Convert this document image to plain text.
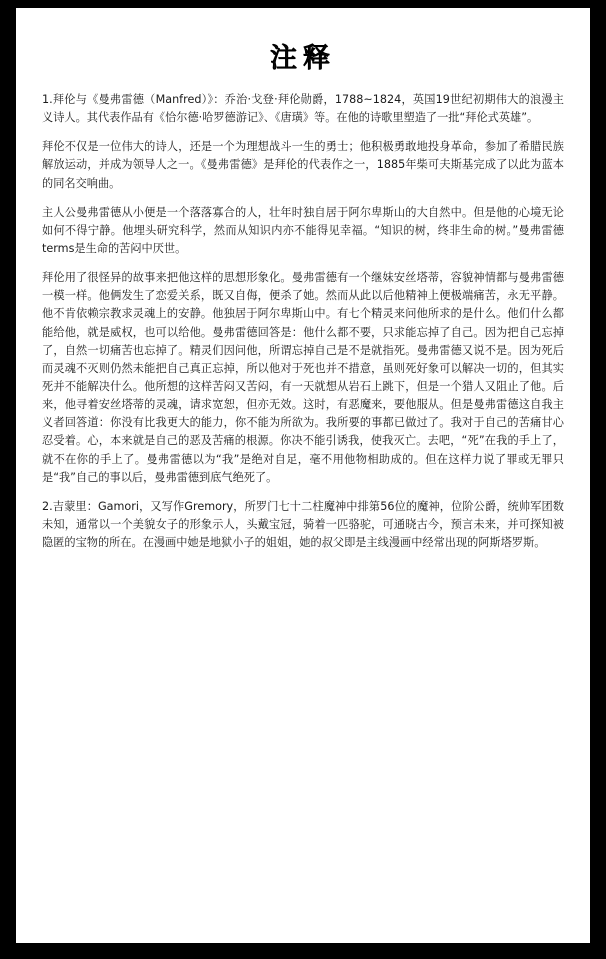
注释

1.拜伦与《曼弗雷德（Manfred）》：乔治·戈登·拜伦勋爵，1788~1824，英国19世纪初期伟大的浪漫主义诗人。其代表作品有《恰尔德·哈罗德游记》、《唐璜》等。在他的诗歌里塑造了一批“拜伦式英雄”。

拜伦不仅是一位伟大的诗人，还是一个为理想战斗一生的勇士；他积极勇敢地投身革命，参加了希腊民族解放运动，并成为领导人之一。《曼弗雷德》是拜伦的代表作之一，1885年柴可夫斯基完成了以此为蓝本的同名交响曲。

主人公曼弗雷德从小便是一个落落寡合的人，壮年时独自居于阿尔卑斯山的大自然中。但是他的心境无论如何不得宁静。他埋头研究科学，然而从知识内亦不能得见幸福。“知识的树，终非生命的树。”曼弗雷德terms是生命的苦闷中厌世。

拜伦用了很怪异的故事来把他这样的思想形象化。曼弗雷德有一个继妹安丝塔蒂，容貌神情都与曼弗雷德一模一样。他俩发生了恋爱关系，既又自侮，便杀了她。然而从此以后他精神上便极端痛苦，永无平静。他不肯依赖宗教求灵魂上的安静。他独居于阿尔卑斯山中。有七个精灵来问他所求的是什么。他们什么都能给他，就是威权，也可以给他。曼弗雷德回答是：他什么都不要，只求能忘掉了自己。因为把自己忘掉了，自然一切痛苦也忘掉了。精灵们因问他，所谓忘掉自己是不是就指死。曼弗雷德又说不是。因为死后而灵魂不灭则仍然未能把自己真正忘掉，所以他对于死也并不措意，虽则死好象可以解决一切的，但其实死并不能解决什么。他所想的这样苦闷又苦闷，有一天就想从岩石上跳下，但是一个猎人又阻止了他。后来，他寻着安丝塔蒂的灵魂，请求宽恕，但亦无效。这时，有恶魔来，要他服从。但是曼弗雷德这自我主义者回答道：你没有比我更大的能力，你不能为所欲为。我所要的事都已做过了。我对于自己的苦痛甘心忍受着。心，本来就是自己的恶及苦痛的根源。你决不能引诱我，使我灭亡。去吧，“死”在我的手上了，就不在你的手上了。曼弗雷德以为“我”是绝对自足，毫不用他物相助成的。但在这样力说了罪或无罪只是“我”自己的事以后，曼弗雷德到底气绝死了。

2.吉蒙里：Gamori，又写作Gremory，所罗门七十二柱魔神中排第56位的魔神，位阶公爵，统帅军团数未知，通常以一个美貌女子的形象示人，头戴宝冠，骑着一匹骆驼，可通晓古今，预言未来，并可探知被隐匿的宝物的所在。在漫画中她是地狱小子的姐姐，她的叔父即是主线漫画中经常出现的阿斯塔罗斯。
